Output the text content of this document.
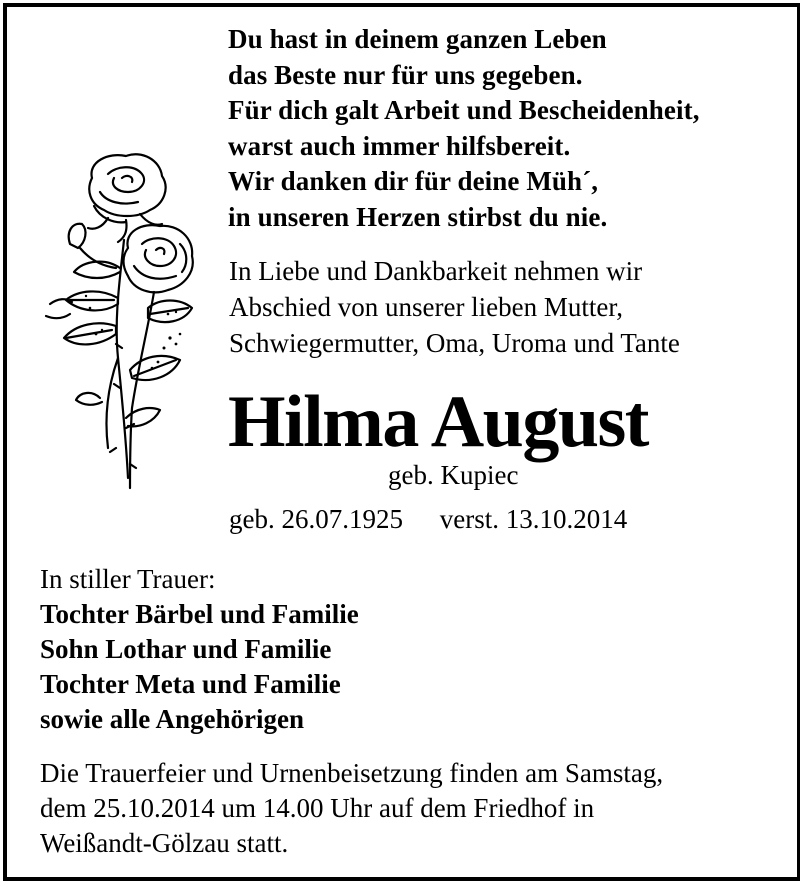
Du hast in deinem ganzen Leben
das Beste nur für uns gegeben.
Für dich galt Arbeit und Bescheidenheit,
warst auch immer hilfsbereit.
Wir danken dir für deine Müh´,
in unseren Herzen stirbst du nie.
In Liebe und Dankbarkeit nehmen wir
Abschied von unserer lieben Mutter,
Schwiegermutter, Oma, Uroma und Tante
Hilma August
geb. Kupiec
geb. 26.07.1925 verst. 13.10.2014
In stiller Trauer:
Tochter Bärbel und Familie
Sohn Lothar und Familie
Tochter Meta und Familie
sowie alle Angehörigen
Die Trauerfeier und Urnenbeisetzung finden am Samstag,
dem 25.10.2014 um 14.00 Uhr auf dem Friedhof in
Weißandt-Gölzau statt.
